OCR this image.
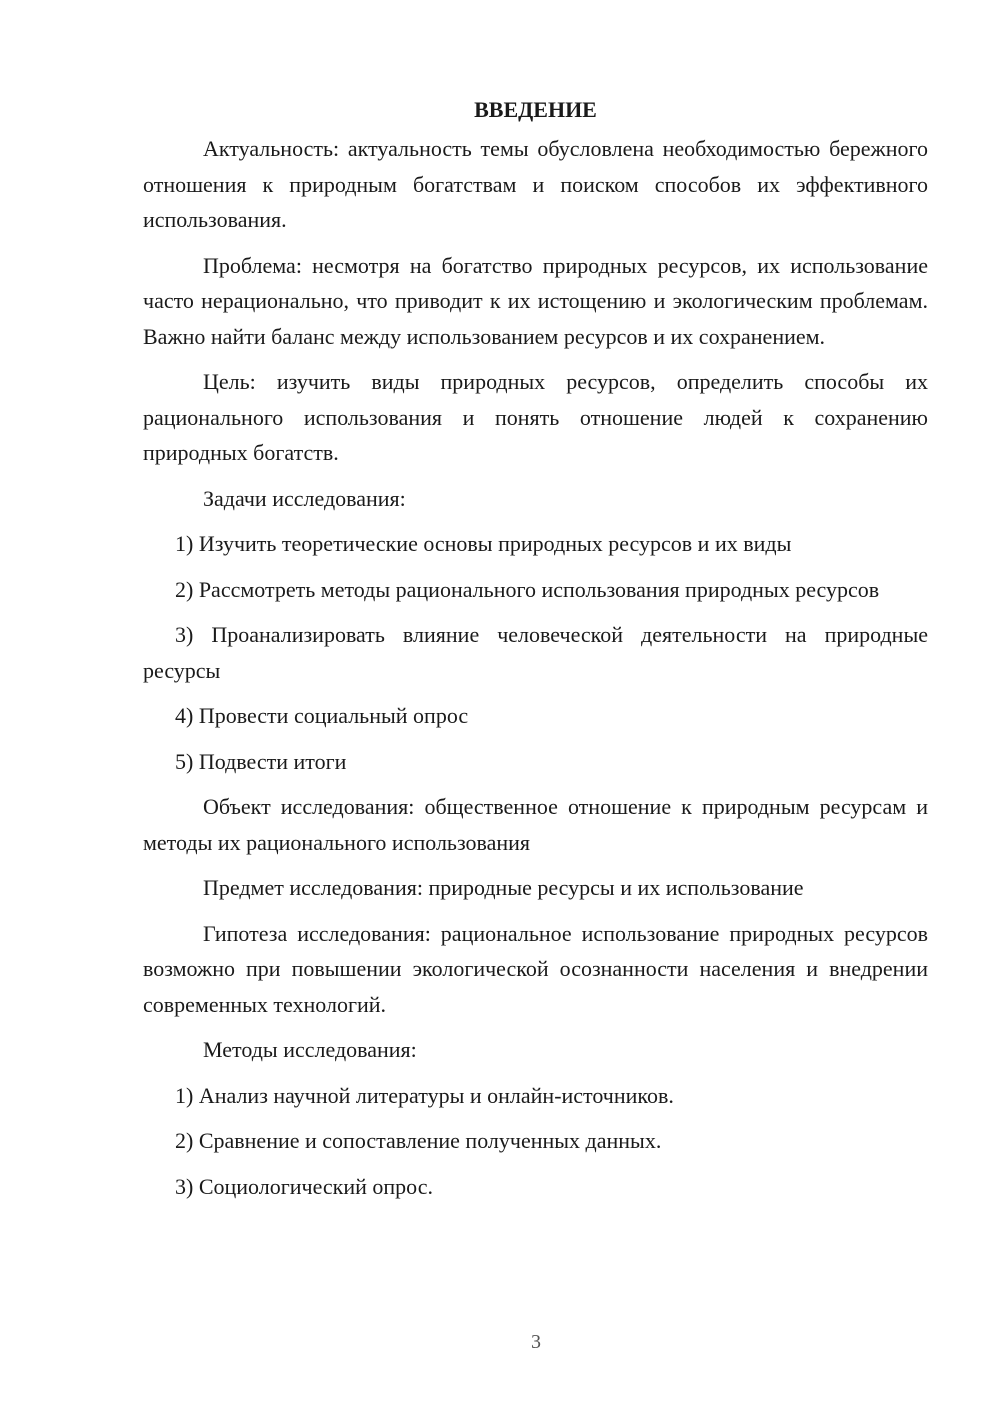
ВВЕДЕНИЕ

Актуальность: актуальность темы обусловлена необходимостью бережного отношения к природным богатствам и поиском способов их эффективного использования.

Проблема: несмотря на богатство природных ресурсов, их использование часто нерационально, что приводит к их истощению и экологическим проблемам. Важно найти баланс между использованием ресурсов и их сохранением.

Цель: изучить виды природных ресурсов, определить способы их рационального использования и понять отношение людей к сохранению природных богатств.

Задачи исследования:

1) Изучить теоретические основы природных ресурсов и их виды

2) Рассмотреть методы рационального использования природных ресурсов

3) Проанализировать влияние человеческой деятельности на природные ресурсы

4) Провести социальный опрос

5) Подвести итоги

Объект исследования: общественное отношение к природным ресурсам и методы их рационального использования

Предмет исследования: природные ресурсы и их использование

Гипотеза исследования: рациональное использование природных ресурсов возможно при повышении экологической осознанности населения и внедрении современных технологий.

Методы исследования:

1) Анализ научной литературы и онлайн-источников.

2) Сравнение и сопоставление полученных данных.

3) Социологический опрос.

3
